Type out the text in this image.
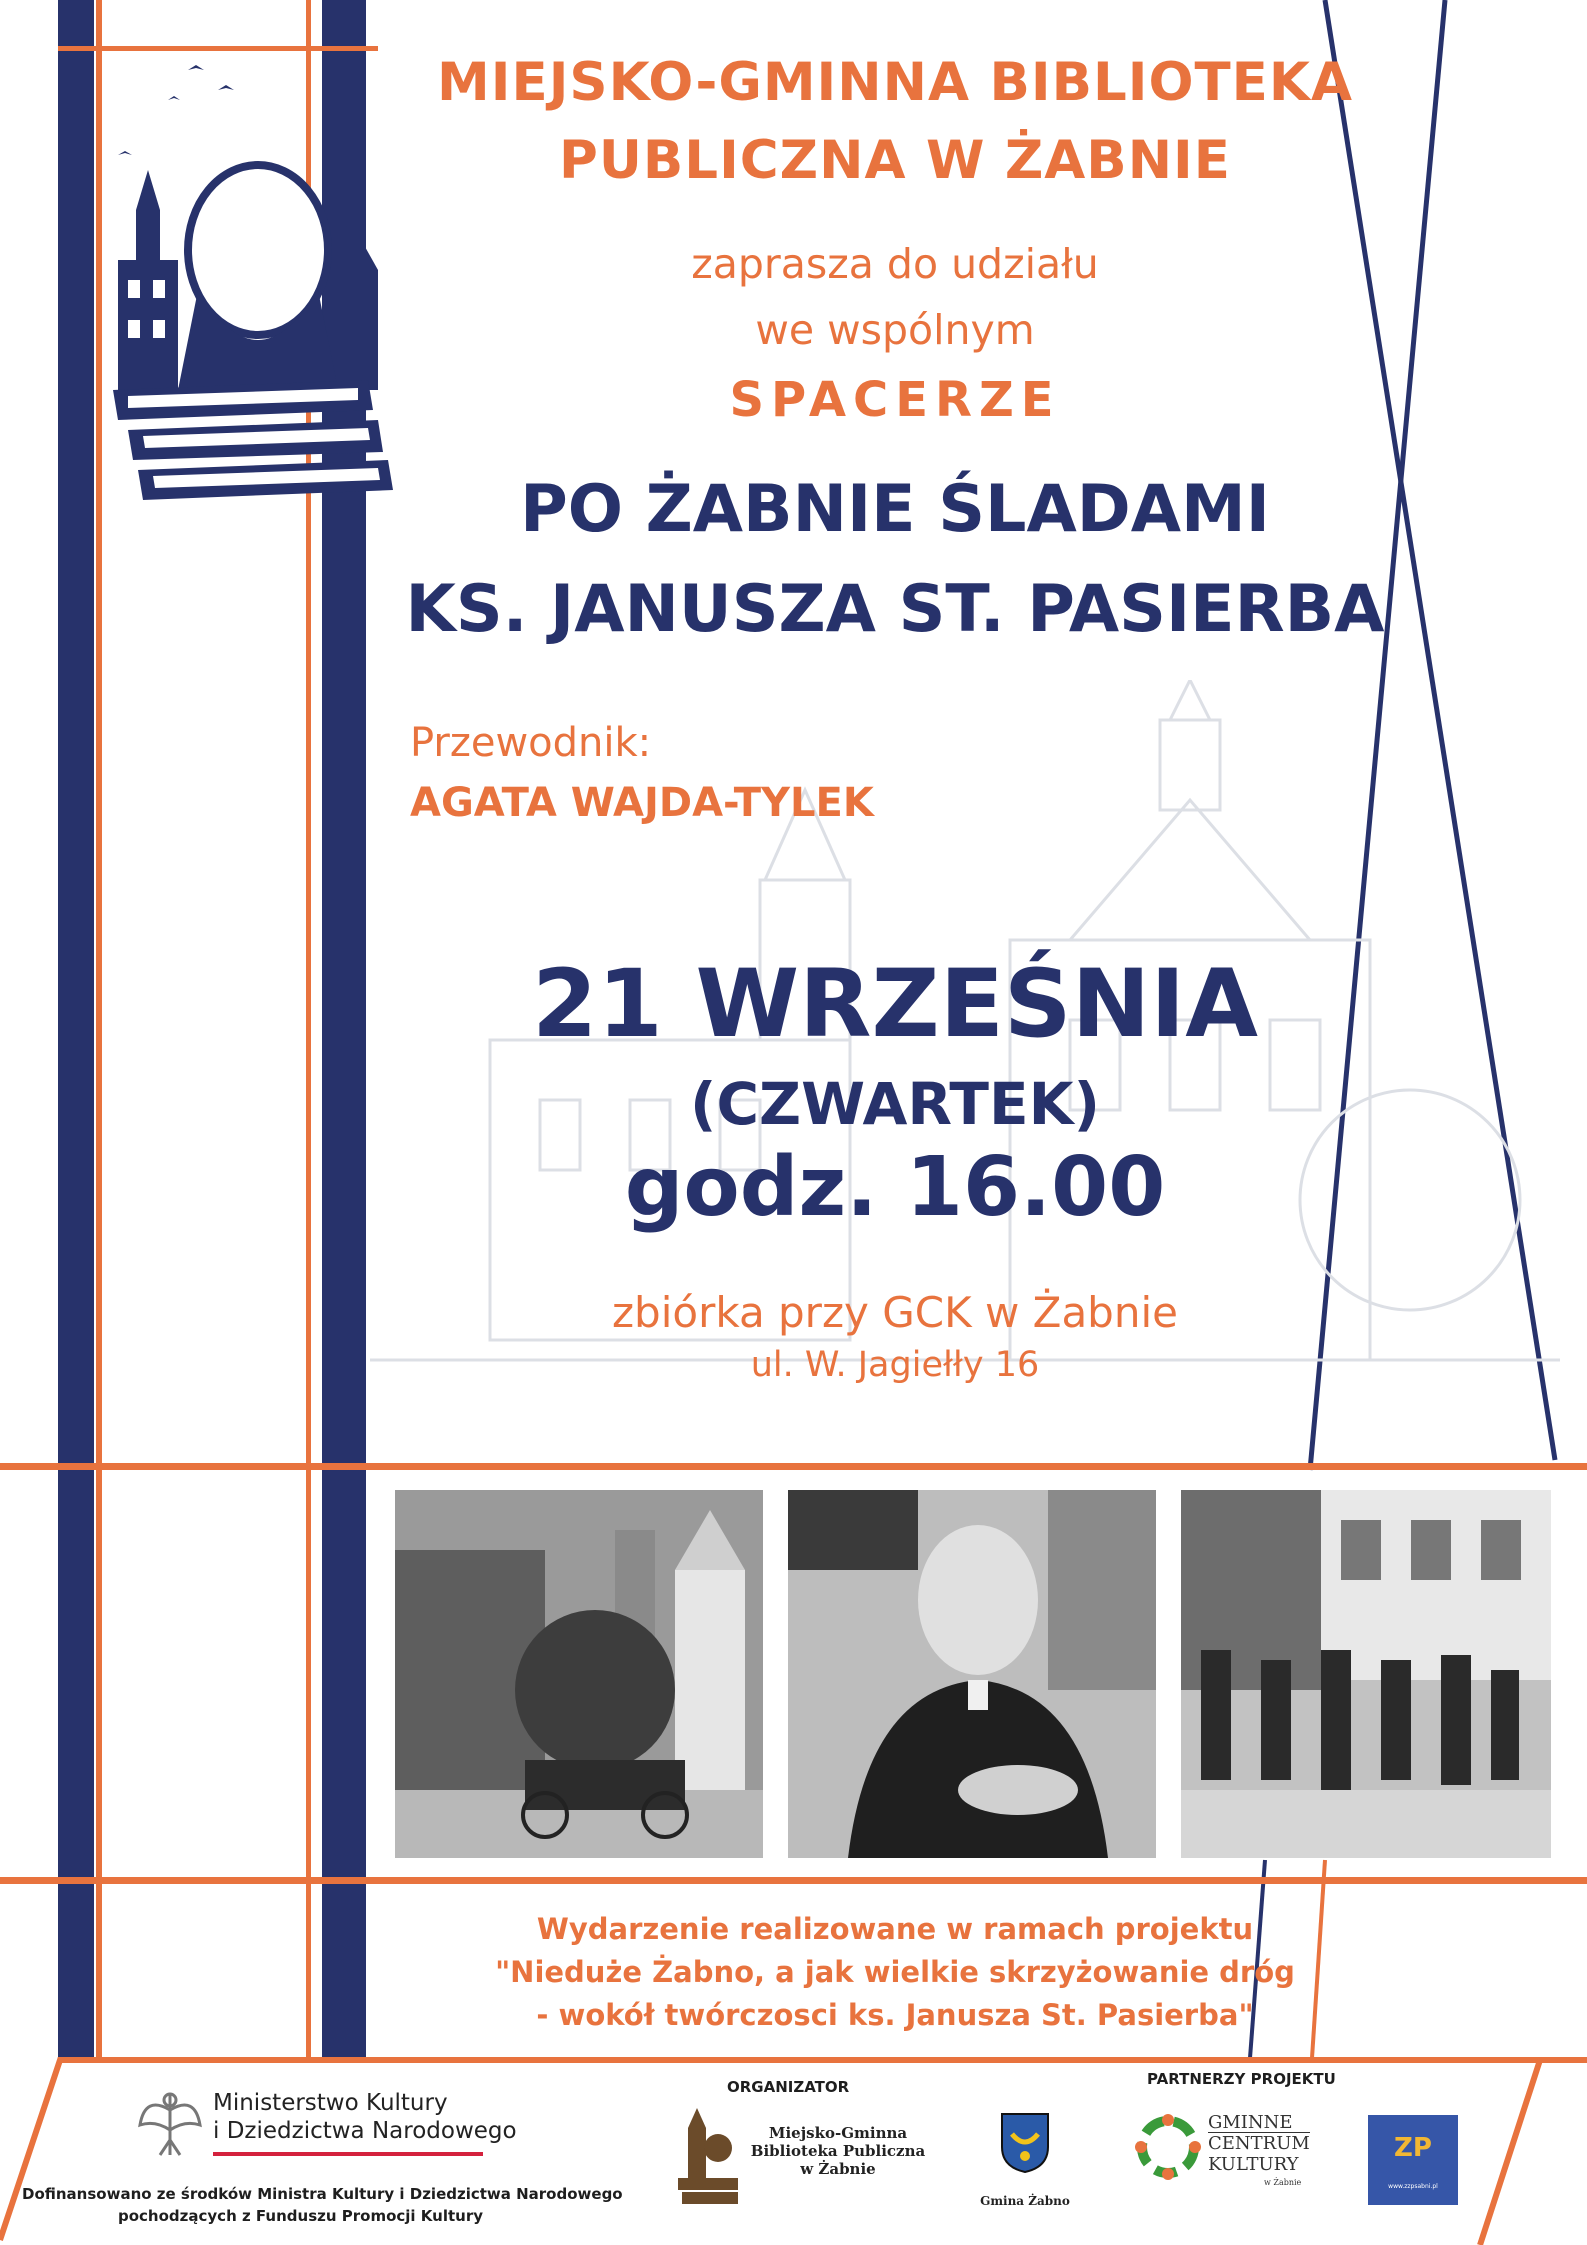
MIEJSKO-GMINNA BIBLIOTEKA
PUBLICZNA W ŻABNIE
zaprasza do udziału
we wspólnym
SPACERZE
PO ŻABNIE ŚLADAMI
KS. JANUSZA ST. PASIERBA
Przewodnik:
AGATA WAJDA-TYLEK
21 WRZEŚNIA
(CZWARTEK)
godz. 16.00
zbiórka przy GCK w Żabnie
ul. W. Jagiełły 16
Wydarzenie realizowane w ramach projektu
"Nieduże Żabno, a jak wielkie skrzyżowanie dróg
- wokół twórczosci ks. Janusza St. Pasierba"
Ministerstwo Kultury
i Dziedzictwa Narodowego
Dofinansowano ze środków Ministra Kultury i Dziedzictwa Narodowego
pochodzących z Funduszu Promocji Kultury
ORGANIZATOR
Miejsko-Gminna
Biblioteka Publiczna
w Żabnie
Gmina Żabno
PARTNERZY PROJEKTU
GMINNE
CENTRUM
KULTURY
w Żabnie
ZP
www.zzpsabni.pl
